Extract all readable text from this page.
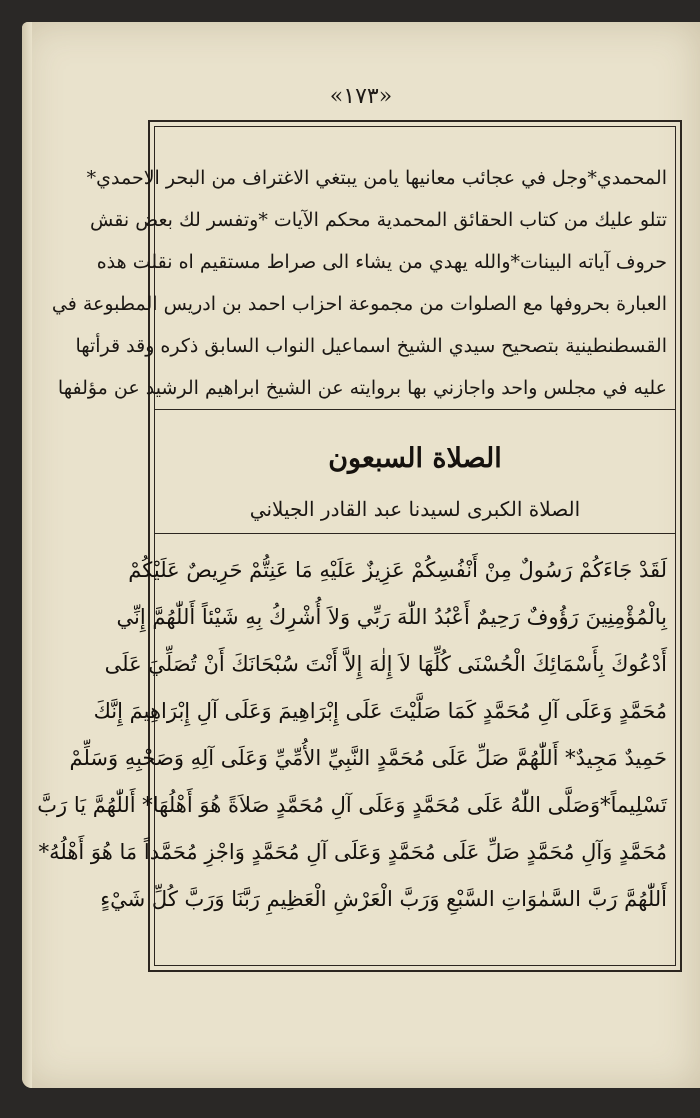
«١٧٣»
المحمدي*وجل في عجائب معانيها يامن يبتغي الاغتراف من البحر الاحمدي*
تتلو عليك من كتاب الحقائق المحمدية محكم الآيات *وتفسر لك بعض نقش
حروف آياته البينات*والله يهدي من يشاء الى صراط مستقيم اه نقلت هذه
العبارة بحروفها مع الصلوات من مجموعة احزاب احمد بن ادريس المطبوعة في
القسطنطينية بتصحيح سيدي الشيخ اسماعيل النواب السابق ذكره وقد قرأتها
عليه في مجلس واحد واجازني بها بروايته عن الشيخ ابراهيم الرشيد عن مؤلفها
الصلاة السبعون
الصلاة الكبرى لسيدنا عبد القادر الجيلاني
لَقَدْ جَاءَكُمْ رَسُولٌ مِنْ أَنْفُسِكُمْ عَزِيزٌ عَلَيْهِ مَا عَنِتُّمْ حَرِيصٌ عَلَيْكُمْ
بِالْمُؤْمِنِينَ رَؤُوفٌ رَحِيمٌ أَعْبُدُ اللّٰهَ رَبِّي وَلاَ أُشْرِكُ بِهِ شَيْئاً أَللّٰهُمَّ إِنِّي
أَدْعُوكَ بِأَسْمَائِكَ الْحُسْنَى كُلِّهَا لاَ إِلٰهَ إِلاَّ أَنْتَ سُبْحَانَكَ أَنْ تُصَلِّيَ عَلَى
مُحَمَّدٍ وَعَلَى آلِ مُحَمَّدٍ كَمَا صَلَّيْتَ عَلَى إِبْرَاهِيمَ وَعَلَى آلِ إِبْرَاهِيمَ إِنَّكَ
حَمِيدٌ مَجِيدٌ* أَللّٰهُمَّ صَلِّ عَلَى مُحَمَّدٍ النَّبِيِّ الأُمِّيِّ وَعَلَى آلِهِ وَصَحْبِهِ وَسَلِّمْ
تَسْلِيماً*وَصَلَّى اللّٰهُ عَلَى مُحَمَّدٍ وَعَلَى آلِ مُحَمَّدٍ صَلاَةً هُوَ أَهْلُهَا* أَللّٰهُمَّ يَا رَبَّ
مُحَمَّدٍ وَآلِ مُحَمَّدٍ صَلِّ عَلَى مُحَمَّدٍ وَعَلَى آلِ مُحَمَّدٍ وَاجْزِ مُحَمَّداً مَا هُوَ أَهْلُهُ*
أَللّٰهُمَّ رَبَّ السَّمٰوَاتِ السَّبْعِ وَرَبَّ الْعَرْشِ الْعَظِيمِ رَبَّنَا وَرَبَّ كُلِّ شَيْءٍ
